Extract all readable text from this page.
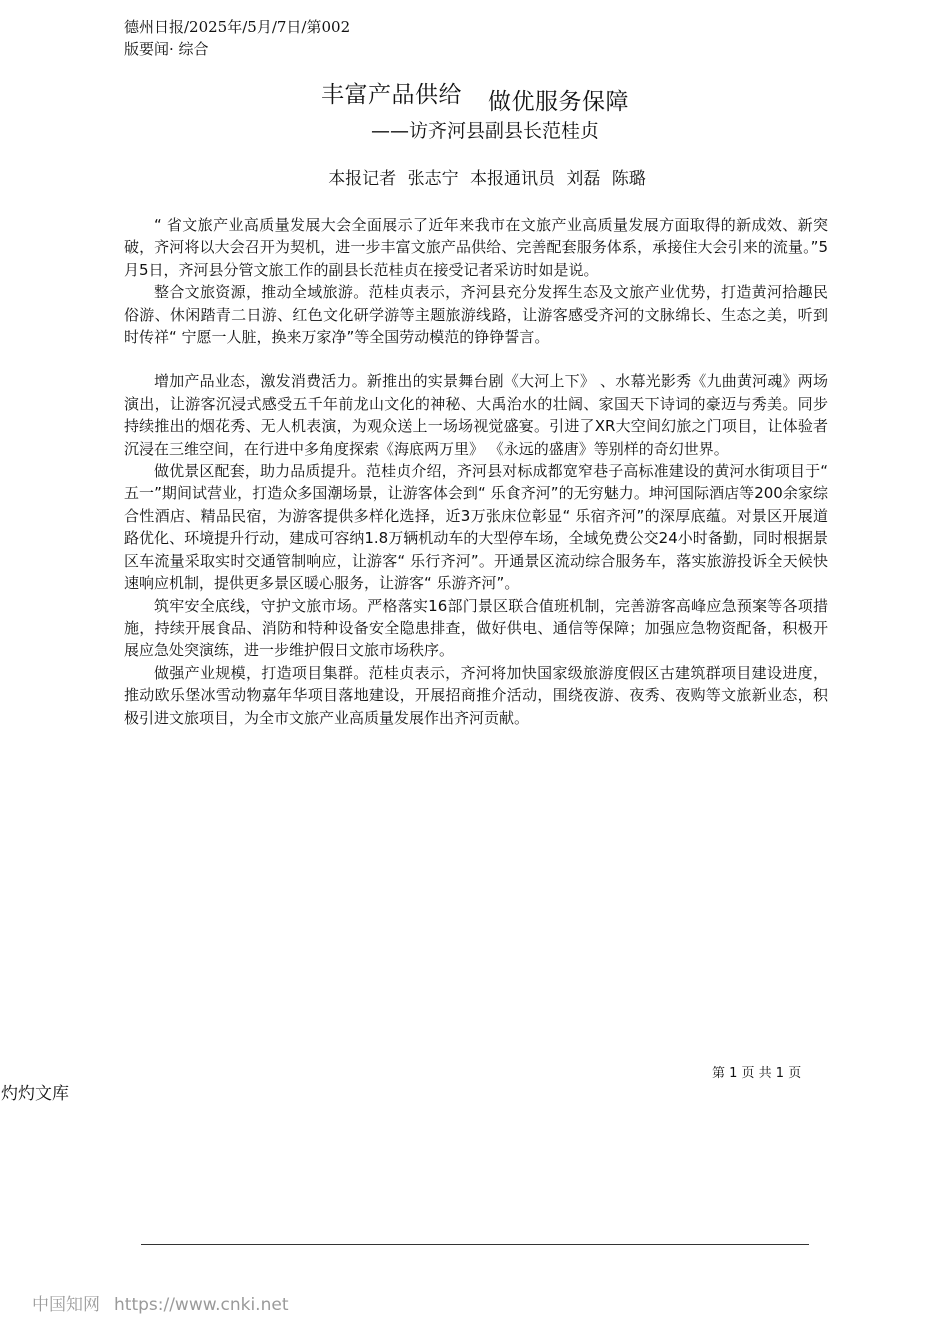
德州日报/2025年/5月/7日/第002
版要闻· 综合
丰富产品供给 做优服务保障
——访齐河县副县长范桂贞
本报记者 张志宁 本报通讯员 刘磊 陈璐

“ 省文旅产业高质量发展大会全面展示了近年来我市在文旅产业高质量发展方面取得的新成效、新突破，齐河将以大会召开为契机，进一步丰富文旅产品供给、完善配套服务体系，承接住大会引来的流量。”5月5日，齐河县分管文旅工作的副县长范桂贞在接受记者采访时如是说。

整合文旅资源，推动全域旅游。范桂贞表示，齐河县充分发挥生态及文旅产业优势，打造黄河拾趣民俗游、休闲踏青二日游、红色文化研学游等主题旅游线路，让游客感受齐河的文脉绵长、生态之美，听到时传祥“ 宁愿一人脏，换来万家净”等全国劳动模范的铮铮誓言。

增加产品业态，激发消费活力。新推出的实景舞台剧《大河上下》 、水幕光影秀《九曲黄河魂》两场演出，让游客沉浸式感受五千年前龙山文化的神秘、大禹治水的壮阔、家国天下诗词的豪迈与秀美。同步持续推出的烟花秀、无人机表演，为观众送上一场场视觉盛宴。引进了XR大空间幻旅之门项目，让体验者沉浸在三维空间，在行进中多角度探索《海底两万里》 《永远的盛唐》等别样的奇幻世界。

做优景区配套，助力品质提升。范桂贞介绍，齐河县对标成都宽窄巷子高标准建设的黄河水街项目于“ 五一”期间试营业，打造众多国潮场景，让游客体会到“ 乐食齐河”的无穷魅力。坤河国际酒店等200余家综合性酒店、精品民宿，为游客提供多样化选择，近3万张床位彰显“ 乐宿齐河”的深厚底蕴。对景区开展道路优化、环境提升行动，建成可容纳1.8万辆机动车的大型停车场，全域免费公交24小时备勤，同时根据景区车流量采取实时交通管制响应，让游客“ 乐行齐河”。开通景区流动综合服务车，落实旅游投诉全天候快速响应机制，提供更多景区暖心服务，让游客“ 乐游齐河”。

筑牢安全底线，守护文旅市场。严格落实16部门景区联合值班机制，完善游客高峰应急预案等各项措施，持续开展食品、消防和特种设备安全隐患排查，做好供电、通信等保障；加强应急物资配备，积极开展应急处突演练，进一步维护假日文旅市场秩序。

做强产业规模，打造项目集群。范桂贞表示，齐河将加快国家级旅游度假区古建筑群项目建设进度，推动欧乐堡冰雪动物嘉年华项目落地建设，开展招商推介活动，围绕夜游、夜秀、夜购等文旅新业态，积极引进文旅项目，为全市文旅产业高质量发展作出齐河贡献。

第 1 页 共 1 页
灼灼文库
中国知网 https://www.cnki.net
